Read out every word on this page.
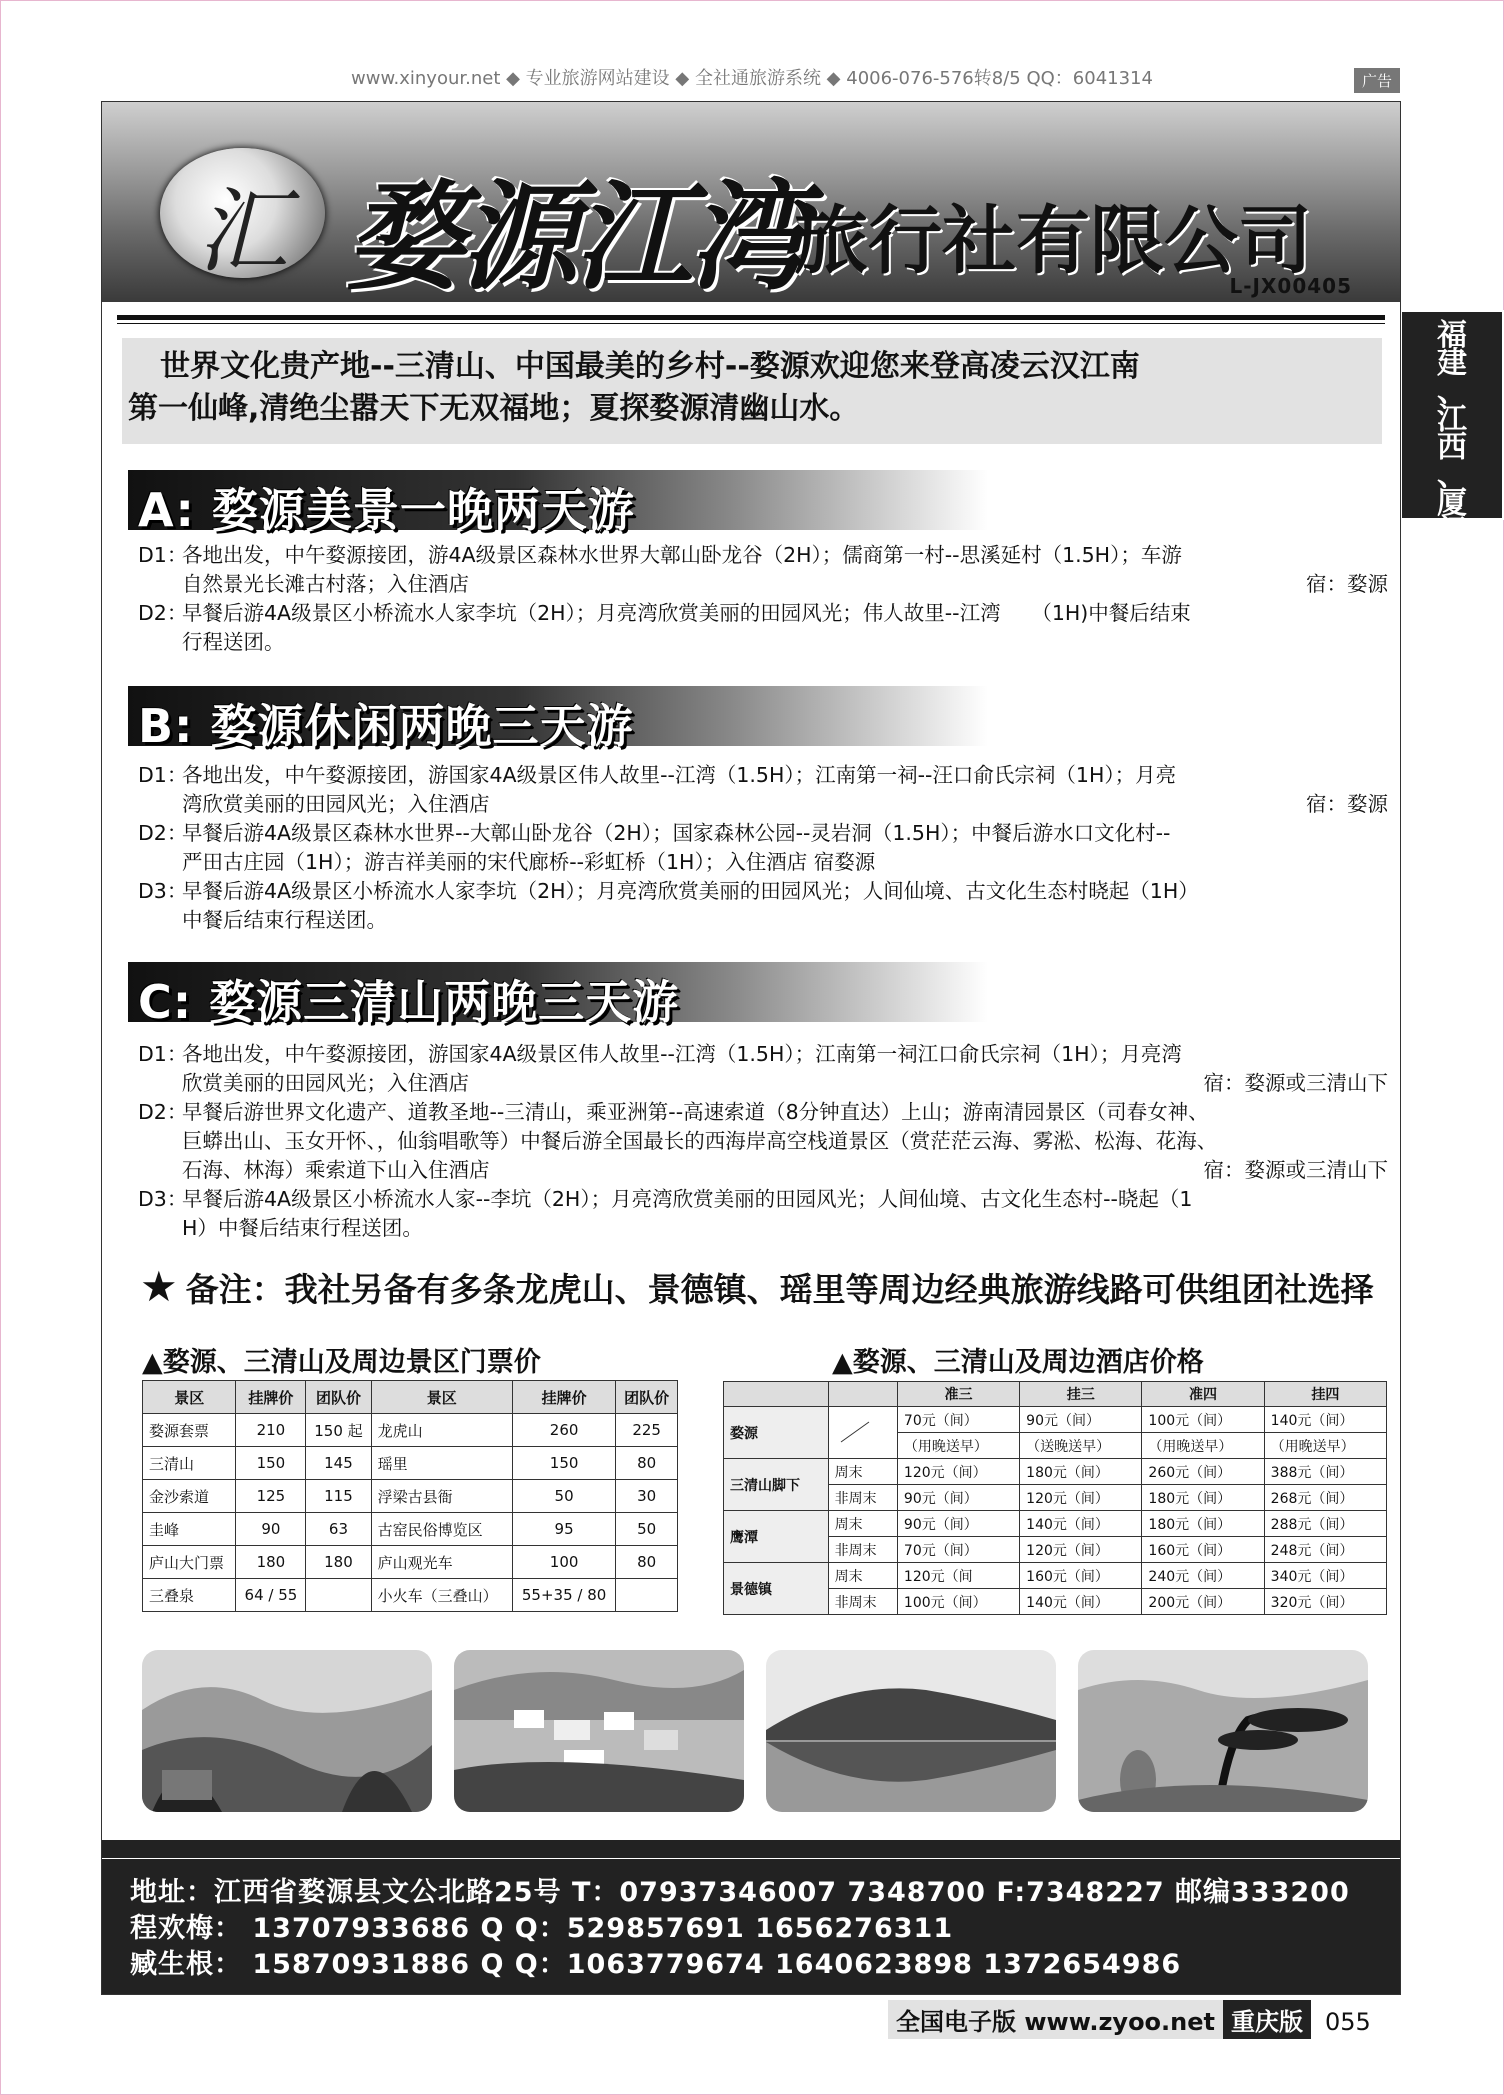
www.xinyour.net ◆ 专业旅游网站建设 ◆ 全社通旅游系统 ◆ 4006-076-576转8/5 QQ：6041314	广告
福
建
、
江
西
、
厦
门
汇 婺源江湾
旅行社有限公司
L-JX00405
世界文化贵产地--三清山、中国最美的乡村--婺源欢迎您来登高凌云汉江南
第一仙峰,清绝尘嚣天下无双福地；夏探婺源清幽山水。
A: 婺源美景一晚两天游
D1：
各地出发，中午婺源接团，游4A级景区森林水世界大鄣山卧龙谷（2H）；儒商第一村--思溪延村（1.5H）；车游
自然景光长滩古村落；入住酒店	宿：婺源
D2：
早餐后游4A级景区小桥流水人家李坑（2H）；月亮湾欣赏美丽的田园风光；伟人故里--江湾　　（1H)中餐后结束
行程送团。
B: 婺源休闲两晚三天游
D1：
各地出发，中午婺源接团，游国家4A级景区伟人故里--江湾（1.5H）；江南第一祠--汪口俞氏宗祠（1H）；月亮
湾欣赏美丽的田园风光；入住酒店	宿：婺源
D2：
早餐后游4A级景区森林水世界--大鄣山卧龙谷（2H）；国家森林公园--灵岩洞（1.5H）；中餐后游水口文化村--
严田古庄园（1H）；游吉祥美丽的宋代廊桥--彩虹桥（1H）；入住酒店 宿婺源
D3：
早餐后游4A级景区小桥流水人家李坑（2H）；月亮湾欣赏美丽的田园风光；人间仙境、古文化生态村晓起（1H）
中餐后结束行程送团。
C: 婺源三清山两晚三天游
D1：
各地出发，中午婺源接团，游国家4A级景区伟人故里--江湾（1.5H）；江南第一祠江口俞氏宗祠（1H）；月亮湾
欣赏美丽的田园风光；入住酒店	宿：婺源或三清山下
D2：
早餐后游世界文化遗产、道教圣地--三清山，乘亚洲第--高速索道（8分钟直达）上山；游南清园景区（司春女神、
巨蟒出山、玉女开怀、，仙翁唱歌等）中餐后游全国最长的西海岸高空栈道景区（赏茫茫云海、雾淞、松海、花海、
石海、林海）乘索道下山入住酒店	宿：婺源或三清山下
D3：
早餐后游4A级景区小桥流水人家--李坑（2H）；月亮湾欣赏美丽的田园风光；人间仙境、古文化生态村--晓起（1
H）中餐后结束行程送团。
★ 备注：我社另备有多条龙虎山、景德镇、瑶里等周边经典旅游线路可供组团社选择
▲婺源、三清山及周边景区门票价	▲婺源、三清山及周边酒店价格
景区	挂牌价	团队价	景区	挂牌价	团队价
婺源套票	210	150 起	龙虎山	260	225
三清山	150	145	瑶里	150	80
金沙索道	125	115	浮梁古县衙	50	30
圭峰	90	63	古窑民俗博览区	95	50
庐山大门票	180	180	庐山观光车	100	80
三叠泉	64 / 55		小火车（三叠山）	55+35 / 80	
		准三	挂三	准四	挂四
婺源		70元（间）	90元（间）	100元（间）	140元（间）
		（用晚送早）	（送晚送早）	（用晚送早）	（用晚送早）
三清山脚下	周末	120元（间）	180元（间）	260元（间）	388元（间）
	非周末	90元（间）	120元（间）	180元（间）	268元（间）
鹰潭	周末	90元（间）	140元（间）	180元（间）	288元（间）
	非周末	70元（间）	120元（间）	160元（间）	248元（间）
景德镇	周末	120元（间	160元（间）	240元（间）	340元（间）
	非周末	100元（间）	140元（间）	200元（间）	320元（间）
地址：江西省婺源县文公北路25号 T：07937346007 7348700 F:7348227 邮编333200
程欢梅： 13707933686 Q Q：529857691 1656276311
臧生根： 15870931886 Q Q：1063779674 1640623898 1372654986
全国电子版 www.zyoo.net 重庆版 055
